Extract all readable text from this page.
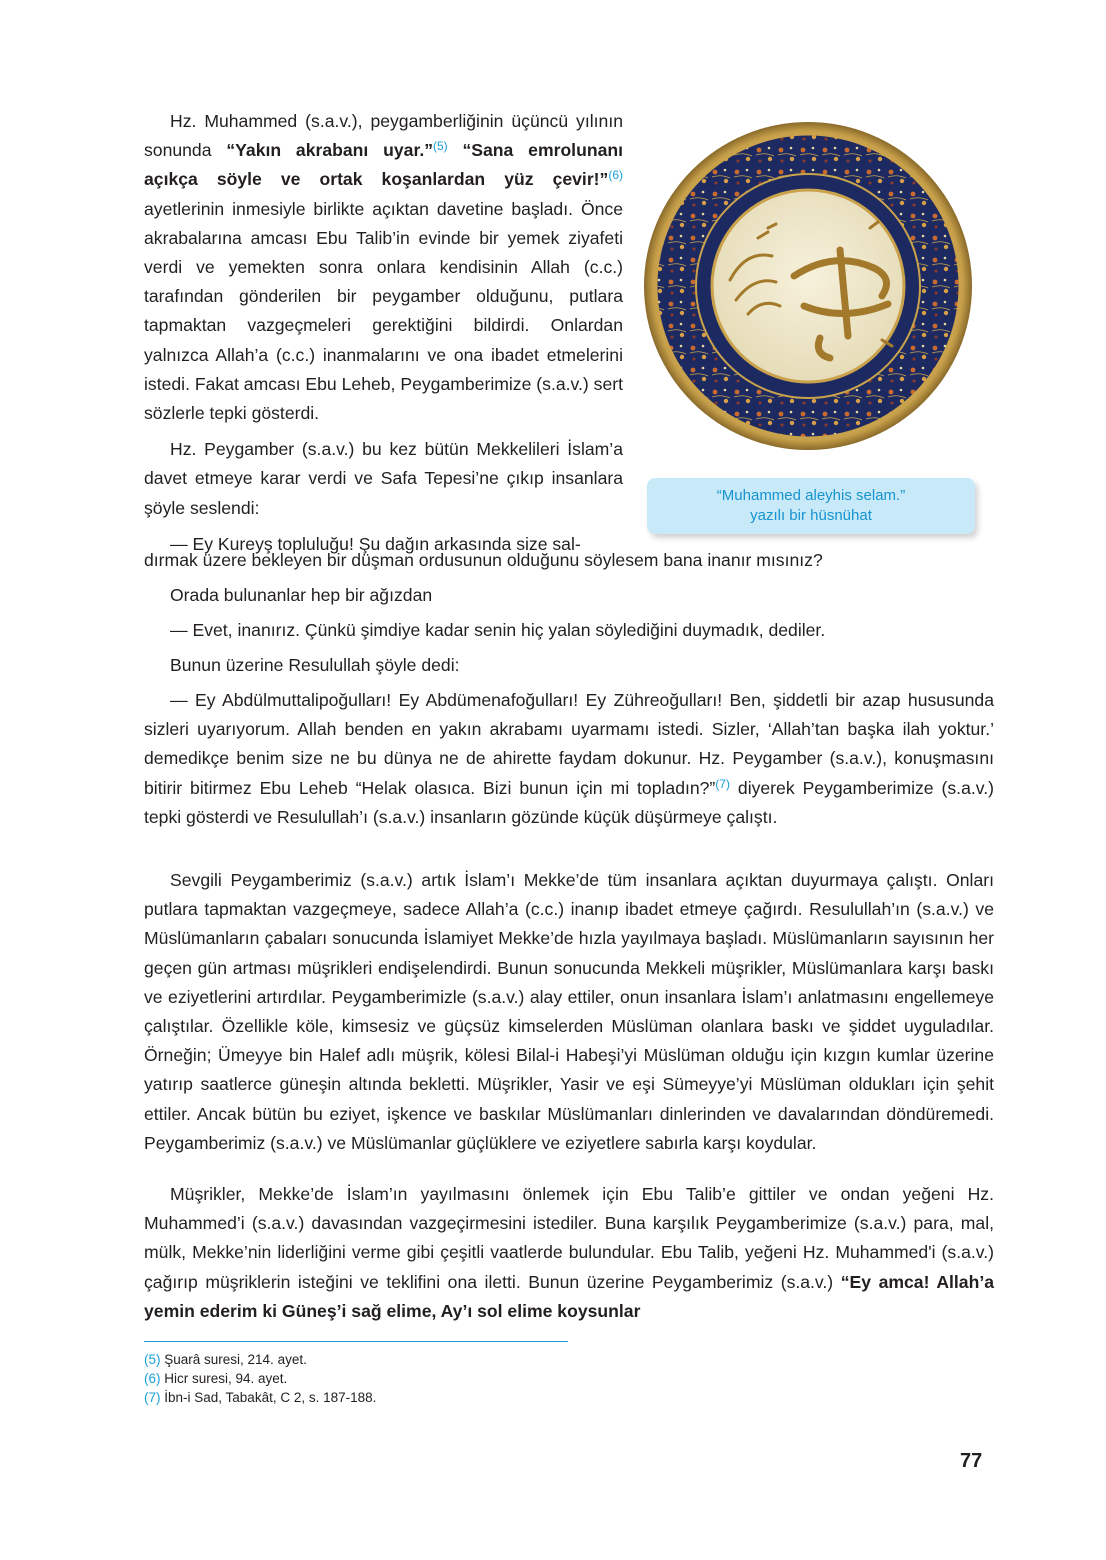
Hz. Muhammed (s.a.v.), peygamberliğinin üçüncü yılının sonunda “Yakın akrabanı uyar.”$^{(5)}$ “Sana emrolunanı açıkça söyle ve ortak koşanlardan yüz çevir!”$^{(6)}$ ayetlerinin inmesiyle birlikte açıktan davetine başladı. Önce akrabalarına amcası Ebu Talib’in evinde bir yemek ziyafeti verdi ve yemekten sonra onlara kendisinin Allah (c.c.) tarafından gönderilen bir peygamber olduğunu, putlara tapmaktan vazgeçmeleri gerektiğini bildirdi. Onlardan yalnızca Allah’a (c.c.) inanmalarını ve ona ibadet etmelerini istedi. Fakat amcası Ebu Leheb, Peygamberimize (s.a.v.) sert sözlerle tepki gösterdi.

Hz. Peygamber (s.a.v.) bu kez bütün Mekkelileri İslam’a davet etmeye karar verdi ve Safa Tepesi’ne çıkıp insanlara şöyle seslendi:

— Ey Kureyş topluluğu! Şu dağın arkasında size sal-

“Muhammed aleyhis selam.”
yazılı bir hüsnühat

dırmak üzere bekleyen bir düşman ordusunun olduğunu söylesem bana inanır mısınız?

Orada bulunanlar hep bir ağızdan

— Evet, inanırız. Çünkü şimdiye kadar senin hiç yalan söylediğini duymadık, dediler.

Bunun üzerine Resulullah şöyle dedi:

— Ey Abdülmuttalipoğulları! Ey Abdümenafoğulları! Ey Zühreoğulları! Ben, şiddetli bir azap hususunda sizleri uyarıyorum. Allah benden en yakın akrabamı uyarmamı istedi. Sizler, ‘Allah’tan başka ilah yoktur.’ demedikçe benim size ne bu dünya ne de ahirette faydam dokunur. Hz. Peygamber (s.a.v.), konuşmasını bitirir bitirmez Ebu Leheb “Helak olasıca. Bizi bunun için mi topladın?”$^{(7)}$ diyerek Peygamberimize (s.a.v.) tepki gösterdi ve Resulullah’ı (s.a.v.) insanların gözünde küçük düşürmeye çalıştı.

Sevgili Peygamberimiz (s.a.v.) artık İslam’ı Mekke’de tüm insanlara açıktan duyurmaya çalıştı. Onları putlara tapmaktan vazgeçmeye, sadece Allah’a (c.c.) inanıp ibadet etmeye çağırdı. Resulullah’ın (s.a.v.) ve Müslümanların çabaları sonucunda İslamiyet Mekke’de hızla yayılmaya başladı. Müslümanların sayısının her geçen gün artması müşrikleri endişelendirdi. Bunun sonucunda Mekkeli müşrikler, Müslümanlara karşı baskı ve eziyetlerini artırdılar. Peygamberimizle (s.a.v.) alay ettiler, onun insanlara İslam’ı anlatmasını engellemeye çalıştılar. Özellikle köle, kimsesiz ve güçsüz kimselerden Müslüman olanlara baskı ve şiddet uyguladılar. Örneğin; Ümeyye bin Halef adlı müşrik, kölesi Bilal-i Habeşi’yi Müslüman olduğu için kızgın kumlar üzerine yatırıp saatlerce güneşin altında bekletti. Müşrikler, Yasir ve eşi Sümeyye’yi Müslüman oldukları için şehit ettiler. Ancak bütün bu eziyet, işkence ve baskılar Müslümanları dinlerinden ve davalarından döndüremedi. Peygamberimiz (s.a.v.) ve Müslümanlar güçlüklere ve eziyetlere sabırla karşı koydular.

Müşrikler, Mekke’de İslam’ın yayılmasını önlemek için Ebu Talib’e gittiler ve ondan yeğeni Hz. Muhammed’i (s.a.v.) davasından vazgeçirmesini istediler. Buna karşılık Peygamberimize (s.a.v.) para, mal, mülk, Mekke’nin liderliğini verme gibi çeşitli vaatlerde bulundular. Ebu Talib, yeğeni Hz. Muhammed'i (s.a.v.) çağırıp müşriklerin isteğini ve teklifini ona iletti. Bunun üzerine Peygamberimiz (s.a.v.) “Ey amca! Allah’a yemin ederim ki Güneş’i sağ elime, Ay’ı sol elime koysunlar

(5) Şuarâ suresi, 214. ayet.
(6) Hicr suresi, 94. ayet.
(7) İbn-i Sad, Tabakât, C 2, s. 187-188.
77
